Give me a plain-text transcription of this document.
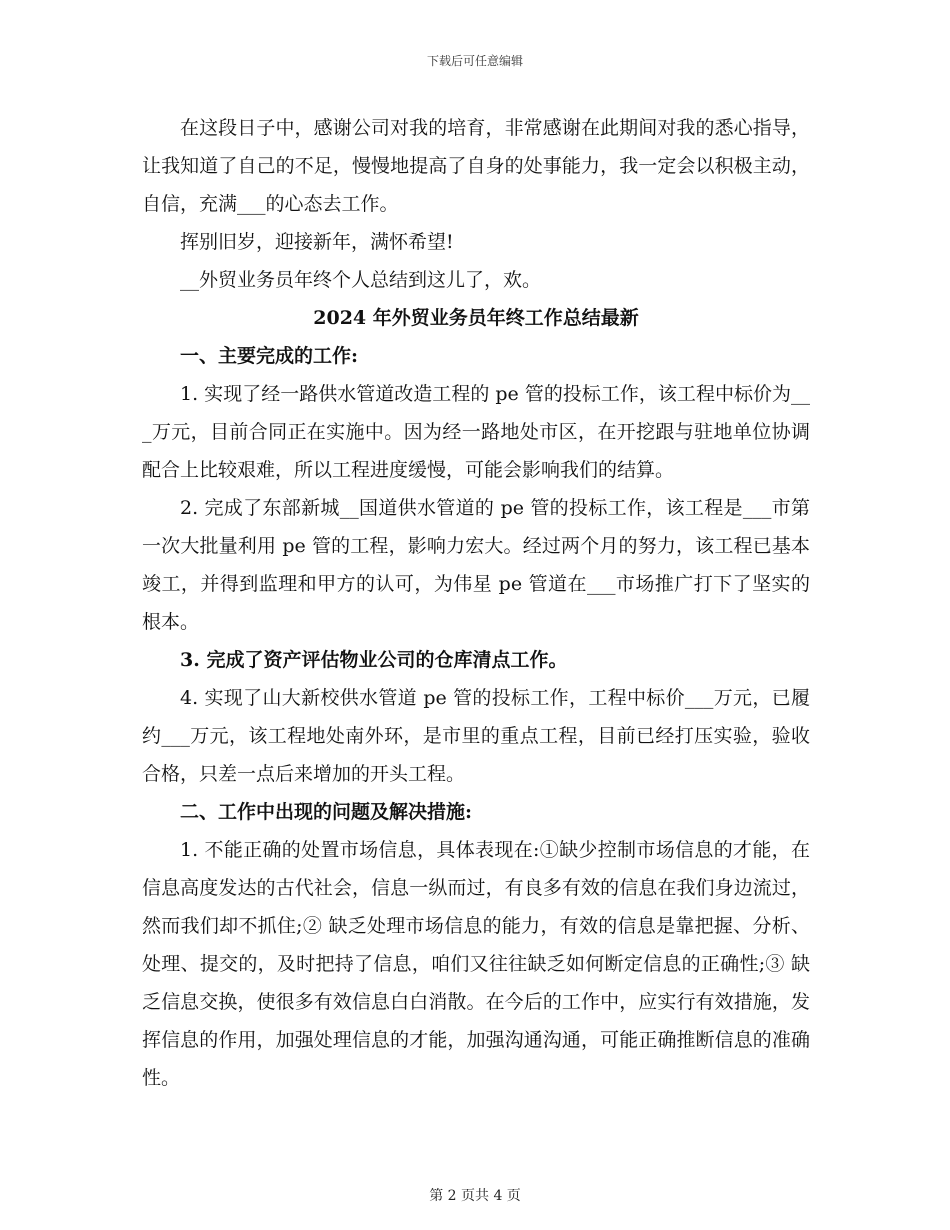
下载后可任意编辑

在这段日子中，感谢公司对我的培育，非常感谢在此期间对我的悉心指导，让我知道了自己的不足，慢慢地提高了自身的处事能力，我一定会以积极主动，自信，充满___的心态去工作。

挥别旧岁，迎接新年，满怀希望!

__外贸业务员年终个人总结到这儿了，欢。

2024 年外贸业务员年终工作总结最新

一、主要完成的工作:

1. 实现了经一路供水管道改造工程的 pe 管的投标工作，该工程中标价为___万元，目前合同正在实施中。因为经一路地处市区，在开挖跟与驻地单位协调配合上比较艰难，所以工程进度缓慢，可能会影响我们的结算。

2. 完成了东部新城__国道供水管道的 pe 管的投标工作，该工程是___市第一次大批量利用 pe 管的工程，影响力宏大。经过两个月的努力，该工程已基本竣工，并得到监理和甲方的认可，为伟星 pe 管道在___市场推广打下了坚实的根本。

3. 完成了资产评估物业公司的仓库清点工作。

4. 实现了山大新校供水管道 pe 管的投标工作，工程中标价___万元，已履约___万元，该工程地处南外环，是市里的重点工程，目前已经打压实验，验收合格，只差一点后来增加的开头工程。

二、工作中出现的问题及解决措施:

1. 不能正确的处置市场信息，具体表现在:①缺少控制市场信息的才能，在信息高度发达的古代社会，信息一纵而过，有良多有效的信息在我们身边流过，然而我们却不抓住;② 缺乏处理市场信息的能力，有效的信息是靠把握、分析、处理、提交的，及时把持了信息，咱们又往往缺乏如何断定信息的正确性;③ 缺乏信息交换，使很多有效信息白白消散。在今后的工作中，应实行有效措施，发挥信息的作用，加强处理信息的才能，加强沟通沟通，可能正确推断信息的准确性。

第 2 页共 4 页
